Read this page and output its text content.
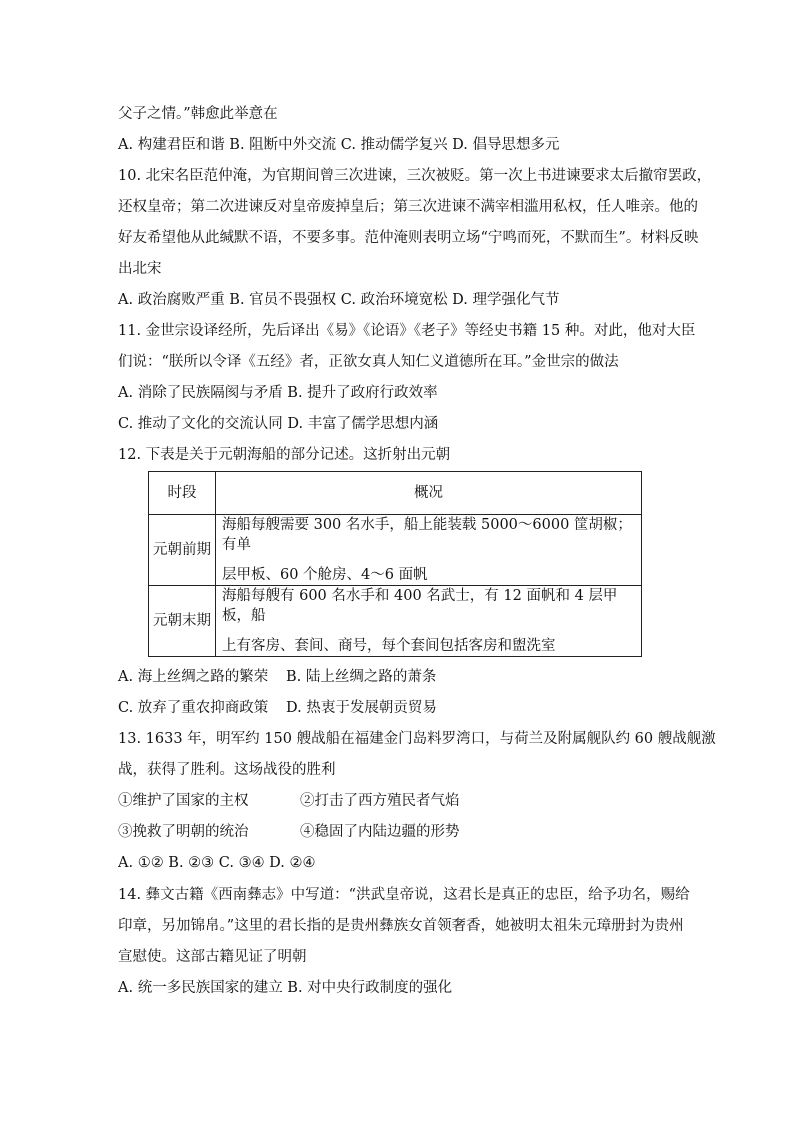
父子之情。”韩愈此举意在
A. 构建君臣和谐 B. 阻断中外交流 C. 推动儒学复兴 D. 倡导思想多元
10. 北宋名臣范仲淹，为官期间曾三次进谏，三次被贬。第一次上书进谏要求太后撤帘罢政，
还权皇帝；第二次进谏反对皇帝废掉皇后；第三次进谏不满宰相滥用私权，任人唯亲。他的
好友希望他从此缄默不语，不要多事。范仲淹则表明立场“宁鸣而死，不默而生”。材料反映
出北宋
A. 政治腐败严重 B. 官员不畏强权 C. 政治环境宽松 D. 理学强化气节
11. 金世宗设译经所，先后译出《易》《论语》《老子》等经史书籍 15 种。对此，他对大臣
们说：“朕所以令译《五经》者，正欲女真人知仁义道德所在耳。”金世宗的做法
A. 消除了民族隔阂与矛盾 B. 提升了政府行政效率
C. 推动了文化的交流认同 D. 丰富了儒学思想内涵
12. 下表是关于元朝海船的部分记述。这折射出元朝
时段	概况
元朝前期	海船每艘需要 300 名水手，船上能装载 5000～6000 筐胡椒；有单
层甲板、60 个舱房、4～6 面帆

元朝末期	海船每艘有 600 名水手和 400 名武士，有 12 面帆和 4 层甲板，船
上有客房、套间、商号，每个套间包括客房和盥洗室
A. 海上丝绸之路的繁荣 B. 陆上丝绸之路的萧条
C. 放弃了重农抑商政策 D. 热衷于发展朝贡贸易
13. 1633 年，明军约 150 艘战船在福建金门岛料罗湾口，与荷兰及附属舰队约 60 艘战舰激
战，获得了胜利。这场战役的胜利
①维护了国家的主权	②打击了西方殖民者气焰
③挽救了明朝的统治	④稳固了内陆边疆的形势
A. ①② B. ②③ C. ③④ D. ②④
14. 彝文古籍《西南彝志》中写道：“洪武皇帝说，这君长是真正的忠臣，给予功名，赐给
印章，另加锦帛。”这里的君长指的是贵州彝族女首领奢香，她被明太祖朱元璋册封为贵州
宣慰使。这部古籍见证了明朝
A. 统一多民族国家的建立 B. 对中央行政制度的强化
